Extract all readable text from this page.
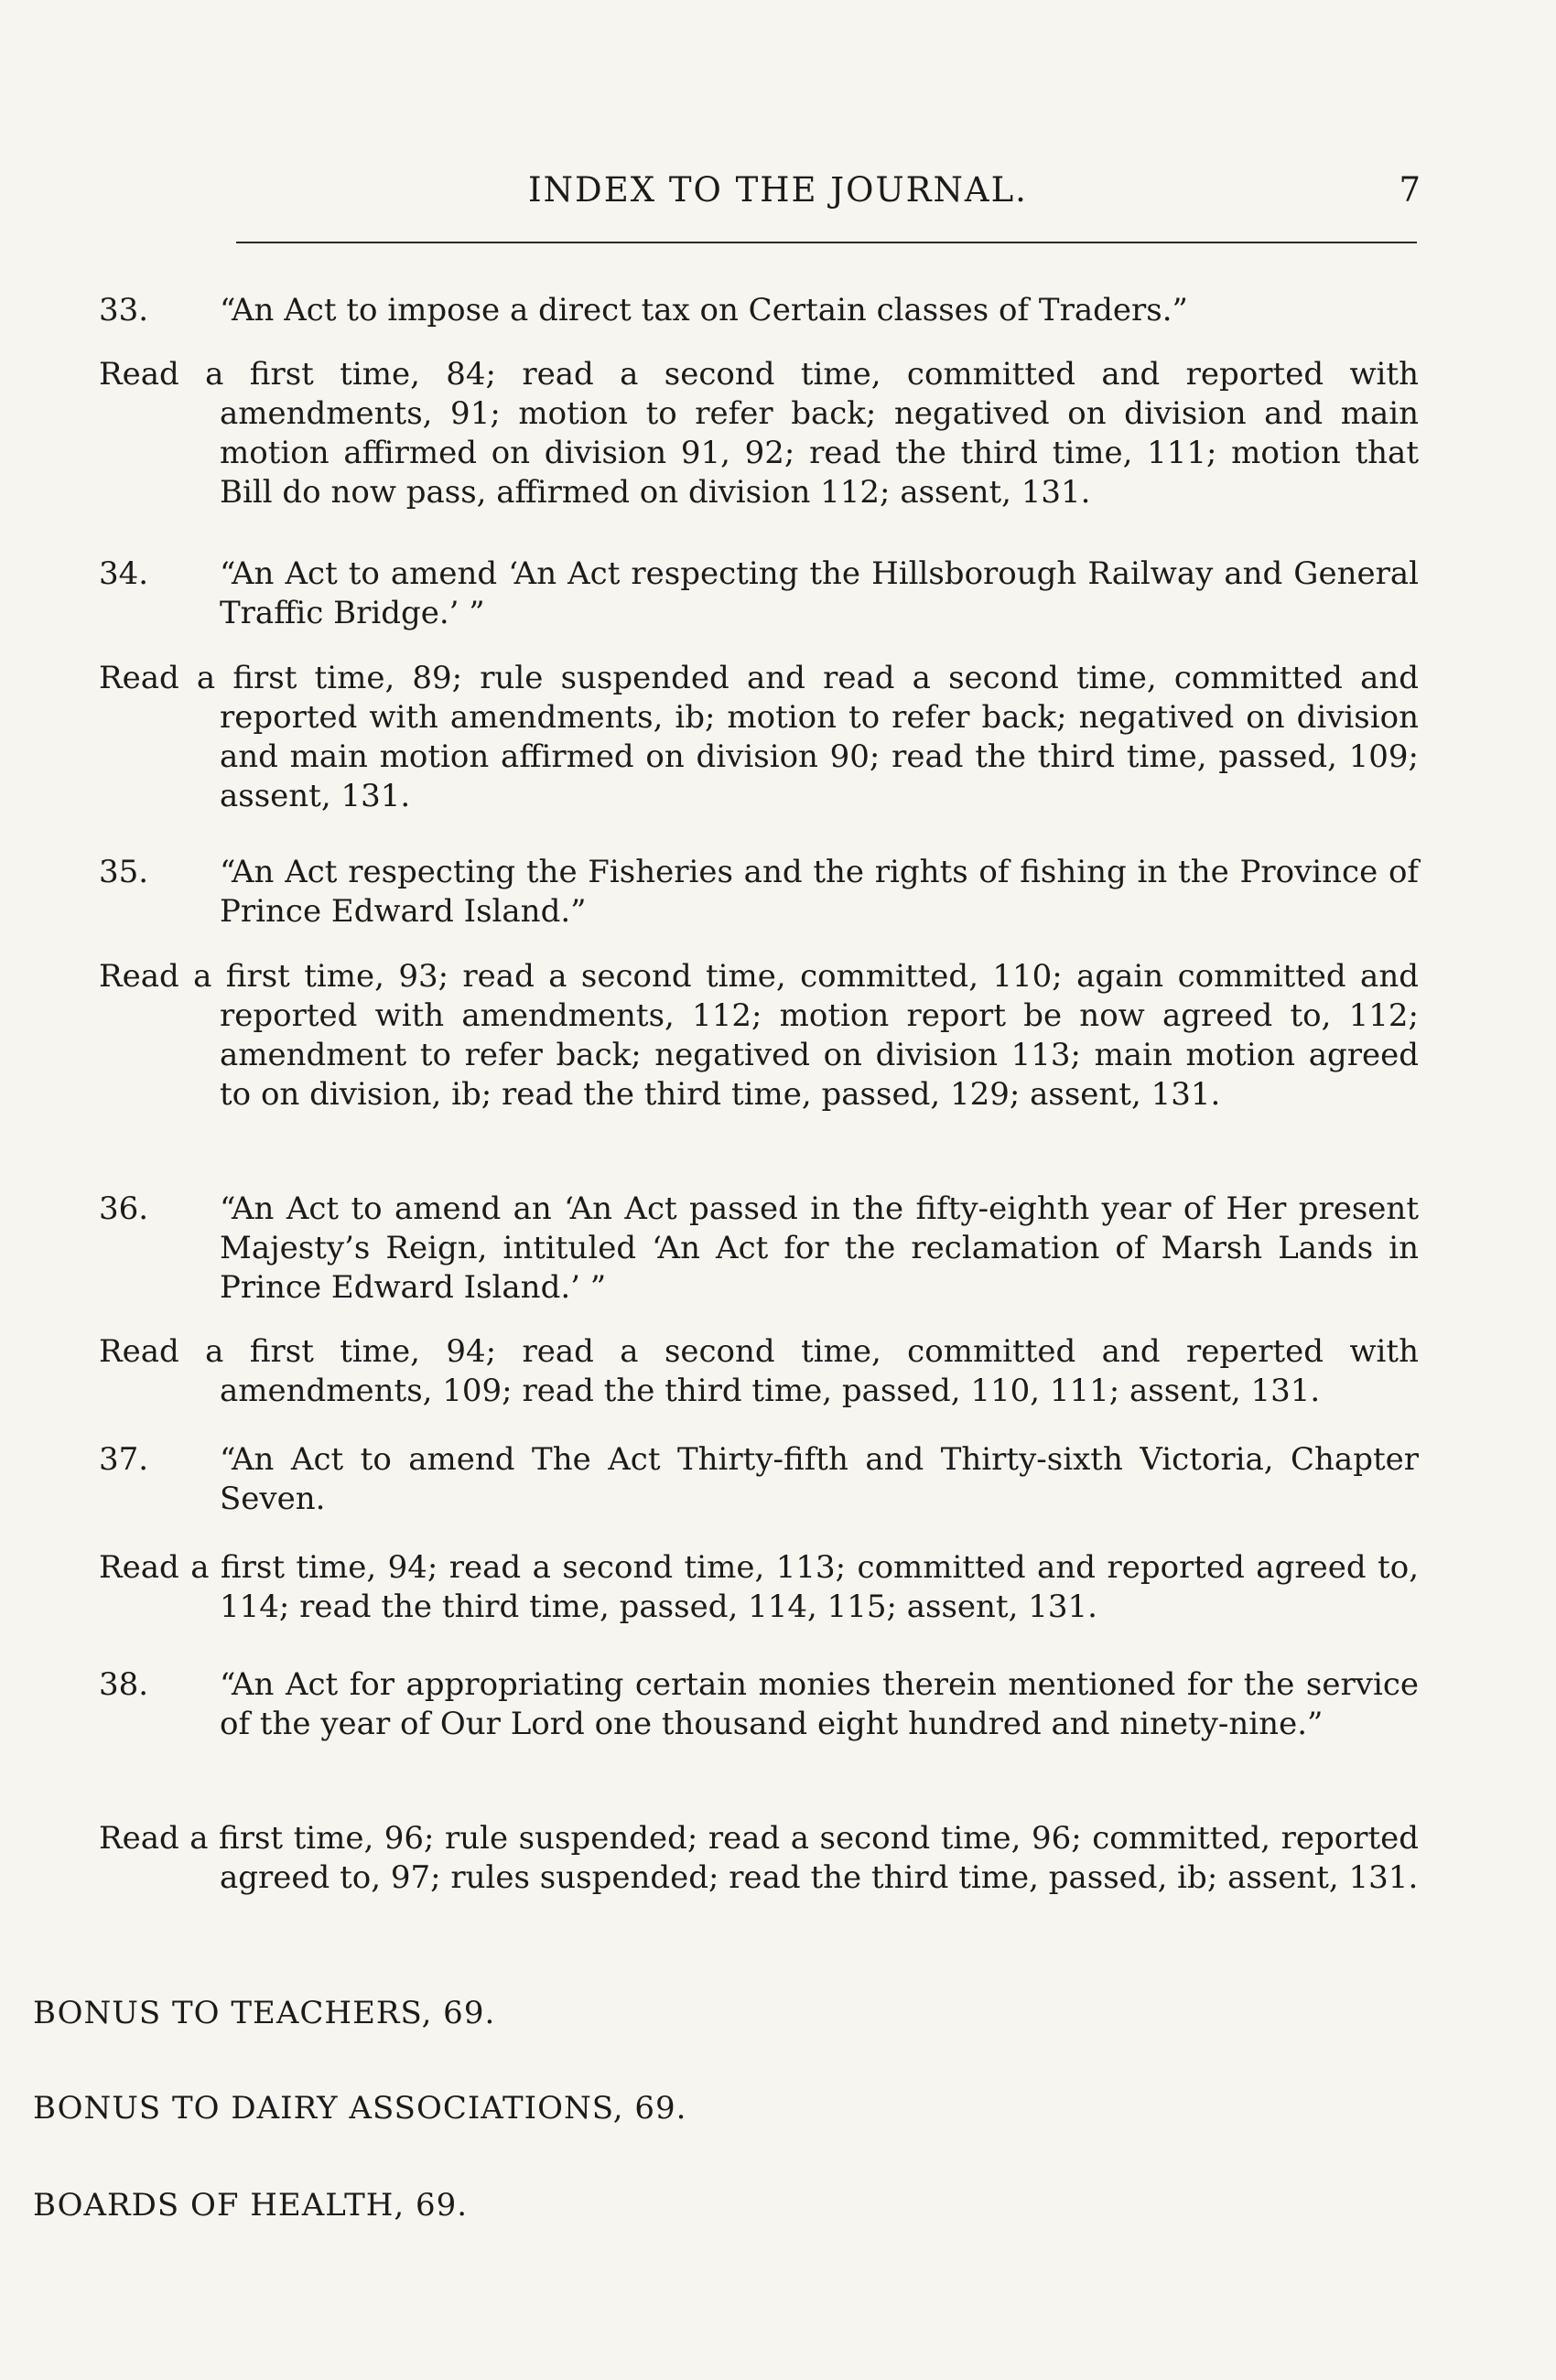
INDEX TO THE JOURNAL.	7
33.	“An Act to impose a direct tax on Certain classes of Traders.”
Read a first time, 84; read a second time, committed and reported with amendments, 91; motion to refer back; negatived on division and main motion affirmed on division 91, 92; read the third time, 111; motion that Bill do now pass, affirmed on division 112; assent, 131.
34.	“An Act to amend ‘An Act respecting the Hillsborough Railway and General Traffic Bridge.’ ”
Read a first time, 89; rule suspended and read a second time, committed and reported with amendments, ib; motion to refer back; negatived on division and main motion affirmed on division 90; read the third time, passed, 109; assent, 131.
35.	“An Act respecting the Fisheries and the rights of fishing in the Province of Prince Edward Island.”
Read a first time, 93; read a second time, committed, 110; again committed and reported with amendments, 112; motion report be now agreed to, 112; amendment to refer back; negatived on division 113; main motion agreed to on division, ib; read the third time, passed, 129; assent, 131.
36.	“An Act to amend an ‘An Act passed in the fifty-eighth year of Her present Majesty’s Reign, intituled ‘An Act for the reclamation of Marsh Lands in Prince Edward Island.’ ”
Read a first time, 94; read a second time, committed and reperted with amendments, 109; read the third time, passed, 110, 111; assent, 131.
37.	“An Act to amend The Act Thirty-fifth and Thirty-sixth Victoria, Chapter Seven.
Read a first time, 94; read a second time, 113; committed and reported agreed to, 114; read the third time, passed, 114, 115; assent, 131.
38.	“An Act for appropriating certain monies therein mentioned for the service of the year of Our Lord one thousand eight hundred and ninety-nine.”
Read a first time, 96; rule suspended; read a second time, 96; committed, reported agreed to, 97; rules suspended; read the third time, passed, ib; assent, 131.
BONUS TO TEACHERS, 69.
BONUS TO DAIRY ASSOCIATIONS, 69.
BOARDS OF HEALTH, 69.
